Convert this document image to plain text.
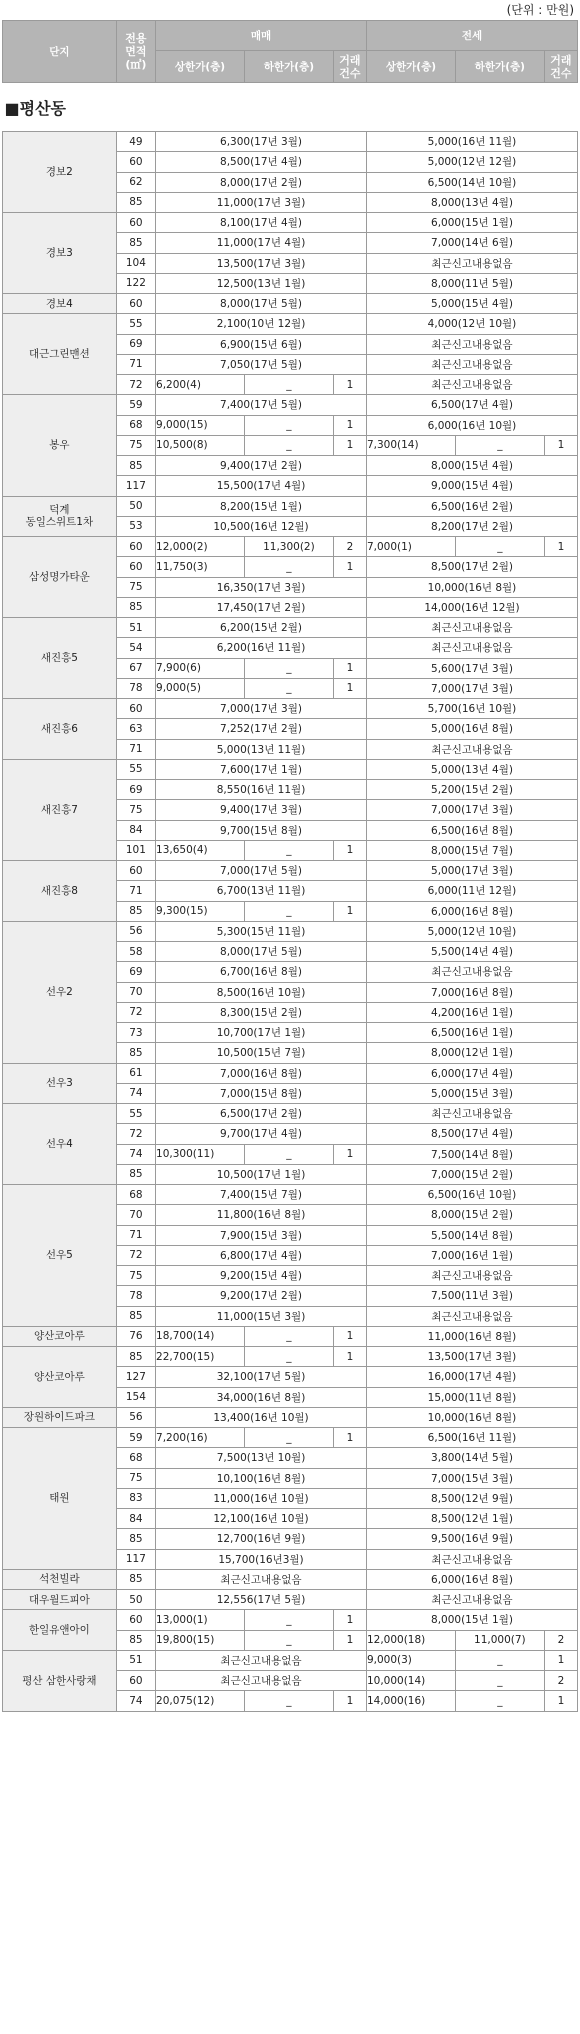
(단위 : 만원)
단지	전용
면적
(㎡)	매매			전세		
		상한가(층)	하한가(층)	거래
건수	상한가(층)	하한가(층)	거래
건수
■평산동							
경보2	49	6,300(17년 3월)			5,000(16년 11월)		
	60	8,500(17년 4월)			5,000(12년 12월)		
	62	8,000(17년 2월)			6,500(14년 10월)		
	85	11,000(17년 3월)			8,000(13년 4월)		
경보3	60	8,100(17년 4월)			6,000(15년 1월)		
	85	11,000(17년 4월)			7,000(14년 6월)		
	104	13,500(17년 3월)			최근신고내용없음		
	122	12,500(13년 1월)			8,000(11년 5월)		
경보4	60	8,000(17년 5월)			5,000(15년 4월)		
대근그린맨션	55	2,100(10년 12월)			4,000(12년 10월)		
	69	6,900(15년 6월)			최근신고내용없음		
	71	7,050(17년 5월)			최근신고내용없음		
	72	6,200(4)	_	1	최근신고내용없음		
봉우	59	7,400(17년 5월)			6,500(17년 4월)		
	68	9,000(15)	_	1	6,000(16년 10월)		
	75	10,500(8)	_	1	7,300(14)	_	1
	85	9,400(17년 2월)			8,000(15년 4월)		
	117	15,500(17년 4월)			9,000(15년 4월)		
덕계
동일스위트1차	50	8,200(15년 1월)			6,500(16년 2월)		
	53	10,500(16년 12월)			8,200(17년 2월)		
삼성명가타운	60	12,000(2)	11,300(2)	2	7,000(1)	_	1
	60	11,750(3)	_	1	8,500(17년 2월)		
	75	16,350(17년 3월)			10,000(16년 8월)		
	85	17,450(17년 2월)			14,000(16년 12월)		
새진흥5	51	6,200(15년 2월)			최근신고내용없음		
	54	6,200(16년 11월)			최근신고내용없음		
	67	7,900(6)	_	1	5,600(17년 3월)		
	78	9,000(5)	_	1	7,000(17년 3월)		
새진흥6	60	7,000(17년 3월)			5,700(16년 10월)		
	63	7,252(17년 2월)			5,000(16년 8월)		
	71	5,000(13년 11월)			최근신고내용없음		
새진흥7	55	7,600(17년 1월)			5,000(13년 4월)		
	69	8,550(16년 11월)			5,200(15년 2월)		
	75	9,400(17년 3월)			7,000(17년 3월)		
	84	9,700(15년 8월)			6,500(16년 8월)		
	101	13,650(4)	_	1	8,000(15년 7월)		
새진흥8	60	7,000(17년 5월)			5,000(17년 3월)		
	71	6,700(13년 11월)			6,000(11년 12월)		
	85	9,300(15)	_	1	6,000(16년 8월)		
선우2	56	5,300(15년 11월)			5,000(12년 10월)		
	58	8,000(17년 5월)			5,500(14년 4월)		
	69	6,700(16년 8월)			최근신고내용없음		
	70	8,500(16년 10월)			7,000(16년 8월)		
	72	8,300(15년 2월)			4,200(16년 1월)		
	73	10,700(17년 1월)			6,500(16년 1월)		
	85	10,500(15년 7월)			8,000(12년 1월)		
선우3	61	7,000(16년 8월)			6,000(17년 4월)		
	74	7,000(15년 8월)			5,000(15년 3월)		
선우4	55	6,500(17년 2월)			최근신고내용없음		
	72	9,700(17년 4월)			8,500(17년 4월)		
	74	10,300(11)	_	1	7,500(14년 8월)		
	85	10,500(17년 1월)			7,000(15년 2월)		
선우5	68	7,400(15년 7월)			6,500(16년 10월)		
	70	11,800(16년 8월)			8,000(15년 2월)		
	71	7,900(15년 3월)			5,500(14년 8월)		
	72	6,800(17년 4월)			7,000(16년 1월)		
	75	9,200(15년 4월)			최근신고내용없음		
	78	9,200(17년 2월)			7,500(11년 3월)		
	85	11,000(15년 3월)			최근신고내용없음		
양산코아루	76	18,700(14)	_	1	11,000(16년 8월)		
양산코아루	85	22,700(15)	_	1	13,500(17년 3월)		
	127	32,100(17년 5월)			16,000(17년 4월)		
	154	34,000(16년 8월)			15,000(11년 8월)		
장원하이드파크	56	13,400(16년 10월)			10,000(16년 8월)		
태원	59	7,200(16)	_	1	6,500(16년 11월)		
	68	7,500(13년 10월)			3,800(14년 5월)		
	75	10,100(16년 8월)			7,000(15년 3월)		
	83	11,000(16년 10월)			8,500(12년 9월)		
	84	12,100(16년 10월)			8,500(12년 1월)		
	85	12,700(16년 9월)			9,500(16년 9월)		
	117	15,700(16년3월)			최근신고내용없음		
석천빌라	85	최근신고내용없음			6,000(16년 8월)		
대우월드피아	50	12,556(17년 5월)			최근신고내용없음		
한일유앤아이	60	13,000(1)	_	1	8,000(15년 1월)		
	85	19,800(15)	_	1	12,000(18)	11,000(7)	2
평산 삼한사랑채	51	최근신고내용없음			9,000(3)	_	1
	60	최근신고내용없음			10,000(14)	_	2
	74	20,075(12)	_	1	14,000(16)	_	1
